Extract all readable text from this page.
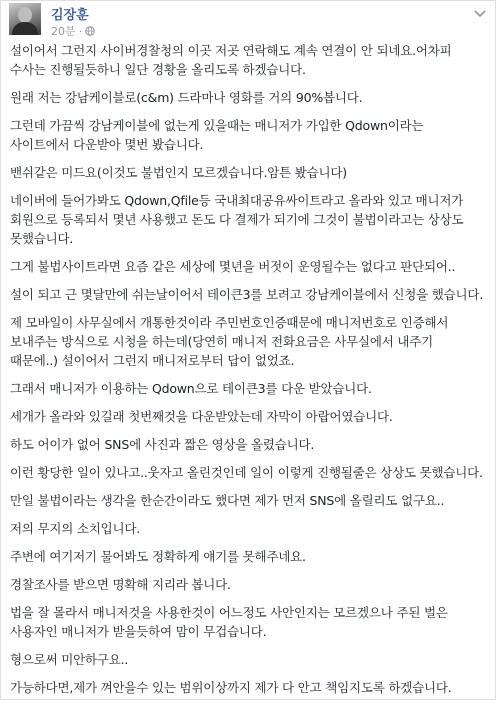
김장훈
20분 ·

설이어서 그런지 사이버경찰청의 이곳 저곳 연락해도 계속 연결이 안 되네요.어차피 수사는 진행될듯하니 일단 경황을 올리도록 하겠습니다.

원래 저는 강남케이블로(c&m) 드라마나 영화를 거의 90%봅니다.

그런데 가끔씩 강남케이블에 없는게 있을때는 매니저가 가입한 Qdown이라는 사이트에서 다운받아 몇번 봤습니다.

밴쉬같은 미드요(이것도 불법인지 모르겠습니다.암튼 봤습니다)

네이버에 들어가봐도 Qdown,Qfile등 국내최대공유싸이트라고 올라와 있고 매니저가 회원으로 등록되서 몇년 사용했고 돈도 다 결제가 되기에 그것이 불법이라고는 상상도 못했습니다.

그게 불법사이트라면 요즘 같은 세상에 몇년을 버젓이 운영될수는 없다고 판단되어..

설이 되고 근 몇달만에 쉬는날이어서 테이큰3를 보려고 강남케이블에서 신청을 했습니다.

제 모바일이 사무실에서 개통한것이라 주민번호인증때문에 매니저번호로 인증해서 보내주는 방식으로 시청을 하는데(당연히 매니저 전화요금은 사무실에서 내주기 때문에..) 설이어서 그런지 매니저로부터 답이 없었죠.

그래서 매니저가 이용하는 Qdown으로 테이큰3를 다운 받았습니다.

세개가 올라와 있길래 첫번째것을 다운받았는데 자막이 아랍어였습니다.

하도 어이가 없어 SNS에 사진과 짧은 영상을 올렸습니다.

이런 황당한 일이 있나고..웃자고 올린것인데 일이 이렇게 진행될줄은 상상도 못했습니다.

만일 불법이라는 생각을 한순간이라도 했다면 제가 먼저 SNS에 올릴리도 없구요..

저의 무지의 소치입니다.

주변에 여기저기 물어봐도 정확하게 얘기를 못해주네요.

경찰조사를 받으면 명확해 지리라 봅니다.

법을 잘 몰라서 매니저것을 사용한것이 어느정도 사안인지는 모르겠으나 주된 벌은 사용자인 매니저가 받을듯하여 맘이 무겁습니다.

형으로써 미안하구요..

가능하다면,제가 껴안을수 있는 범위이상까지 제가 다 안고 책임지도록 하겠습니다.
